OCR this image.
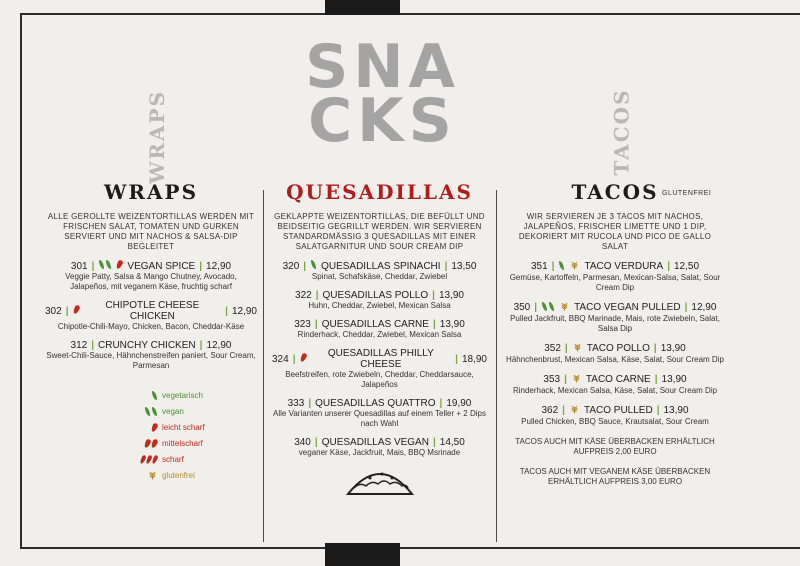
SNA
CKS
WRAPS	TACOS
WRAPS
ALLE GEROLLTE WEIZENTORTILLAS WERDEN MIT FRISCHEN SALAT, TOMATEN UND GURKEN SERVIERT UND MIT NACHOS & SALSA-DIP BEGLEITET
301 |	VEGAN SPICE | 12,90
Veggie Patty, Salsa & Mango Chutney, Avocado, Jalapeños, mit veganem Käse, fruchtig scharf
302 |	CHIPOTLE CHEESE CHICKEN	| 12,90
Chipotle-Chili-Mayo, Chicken, Bacon, Cheddar-Käse
312 | CRUNCHY CHICKEN | 12,90
Sweet-Chili-Sauce, Hähnchenstreifen paniert, Sour Cream, Parmesan
vegetarisch
vegan
leicht scharf
mittelscharf
scharf
glutenfrei
QUESADILLAS
GEKLAPPTE WEIZENTORTILLAS, DIE BEFÜLLT UND BEIDSEITIG GEGRILLT WERDEN. WIR SERVIEREN STANDARDMÄSSIG 3 QUESADILLAS MIT EINER SALATGARNITUR UND SOUR CREAM DIP
320 | QUESADILLAS SPINACHI | 13,50
Spinat, Schafskäse, Cheddar, Zwiebel
322 | QUESADILLAS POLLO | 13,90
Huhn, Cheddar, Zwiebel, Mexican Salsa
323 | QUESADILLAS CARNE | 13,90
Rinderhack, Cheddar, Zwiebel, Mexican Salsa
324 |	QUESADILLAS PHILLY CHEESE	| 18,90
Beefstreifen, rote Zwiebeln, Cheddar, Cheddarsauce, Jalapeños
333 | QUESADILLAS QUATTRO | 19,90
Alle Varianten unserer Quesadillas auf einem Teller + 2 Dips nach Wahl
340 | QUESADILLAS VEGAN | 14,50
veganer Käse, Jackfruit, Mais, BBQ Msrinade
TACOS
WIR SERVIEREN JE 3 TACOS MIT NACHOS, JALAPEÑOS, FRISCHER LIMETTE UND 1 DIP, DEKORIERT MIT RUCOLA UND PICO DE GALLO SALAT
351 |	TACO VERDURA | 12,50
Gemüse, Kartoffeln, Parmesan, Mexican-Salsa, Salat, Sour Cream Dip
350 |	TACO VEGAN PULLED | 12,90
Pulled Jackfruit, BBQ Marinade, Mais, rote Zwiebeln, Salat, Salsa Dip
352 | TACO POLLO | 13,90
Hähnchenbrust, Mexican Salsa, Käse, Salat, Sour Cream Dip
353 | TACO CARNE | 13,90
Rinderhack, Mexican Salsa, Käse, Salat, Sour Cream Dip
362 | TACO PULLED | 13,90
Pulled Chicken, BBQ Sauce, Krautsalat, Sour Cream
TACOS AUCH MIT KÄSE ÜBERBACKEN ERHÄLTLICH AUFPREIS 2,00 EURO
TACOS AUCH MIT VEGANEM KÄSE ÜBERBACKEN ERHÄLTLICH AUFPREIS 3,00 EURO
GLUTENFREI
